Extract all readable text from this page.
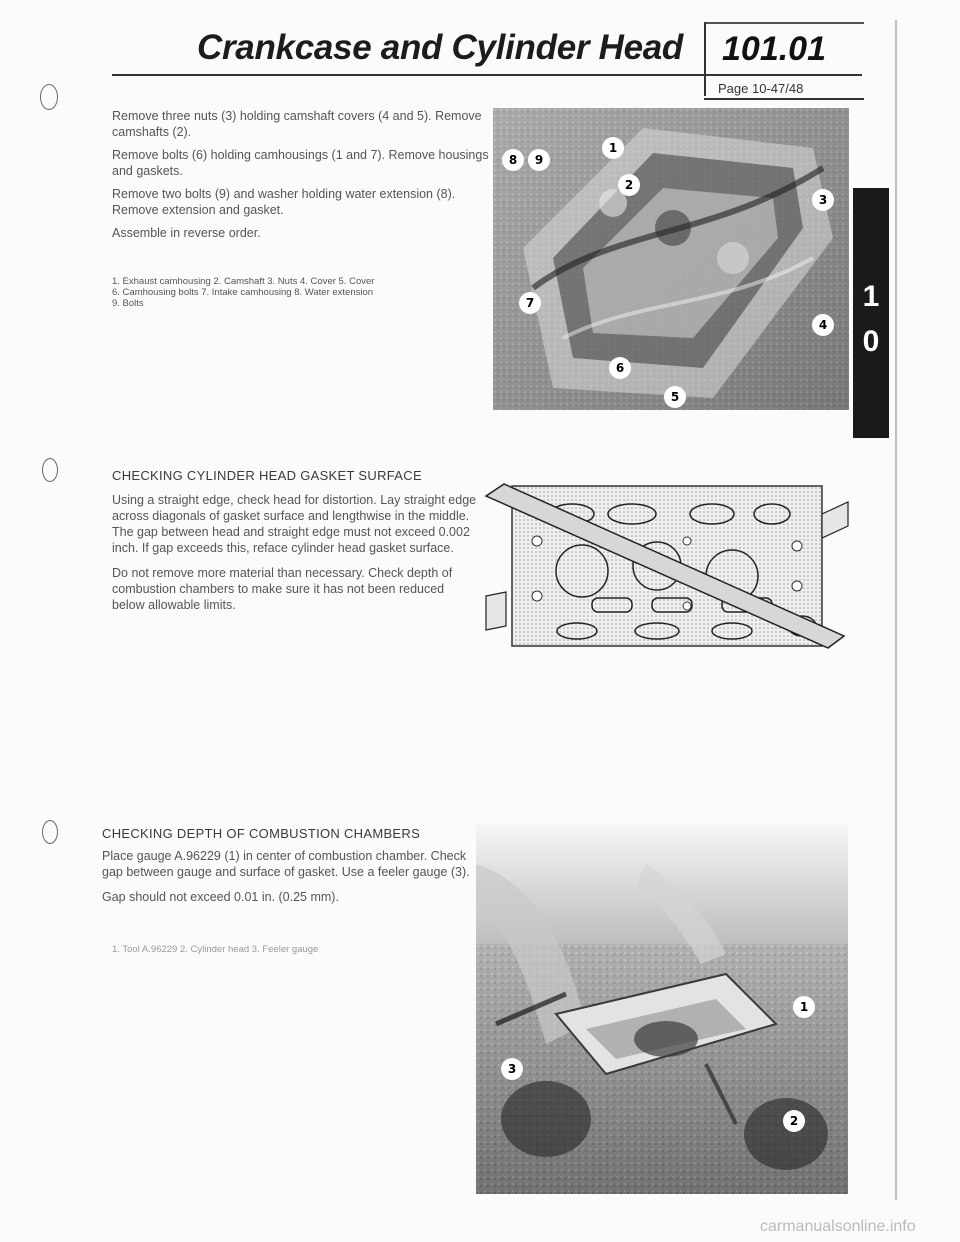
Crankcase and Cylinder Head 101.01
Page 10-47/48

Remove three nuts (3) holding camshaft covers (4 and 5). Remove camshafts (2).

Remove bolts (6) holding camhousings (1 and 7). Remove housings and gaskets.

Remove two bolts (9) and washer holding water extension (8). Remove extension and gasket.

Assemble in reverse order.

1. Exhaust camhousing 2. Camshaft 3. Nuts 4. Cover 5. Cover
6. Camhousing bolts 7. Intake camhousing 8. Water extension
9. Bolts
8 9
1
2
3
4
7
6
5
1
0
CHECKING CYLINDER HEAD GASKET SURFACE

Using a straight edge, check head for distortion. Lay straight edge across diagonals of gasket surface and lengthwise in the middle. The gap between head and straight edge must not exceed 0.002 inch. If gap exceeds this, reface cylinder head gasket surface.

Do not remove more material than necessary. Check depth of combustion chambers to make sure it has not been reduced below allowable limits.

CHECKING DEPTH OF COMBUSTION CHAMBERS

Place gauge A.96229 (1) in center of combustion chamber. Check gap between gauge and surface of gasket. Use a feeler gauge (3).

Gap should not exceed 0.01 in. (0.25 mm).

1. Tool A.96229 2. Cylinder head 3. Feeler gauge
1
3
2
carmanualsonline.info
